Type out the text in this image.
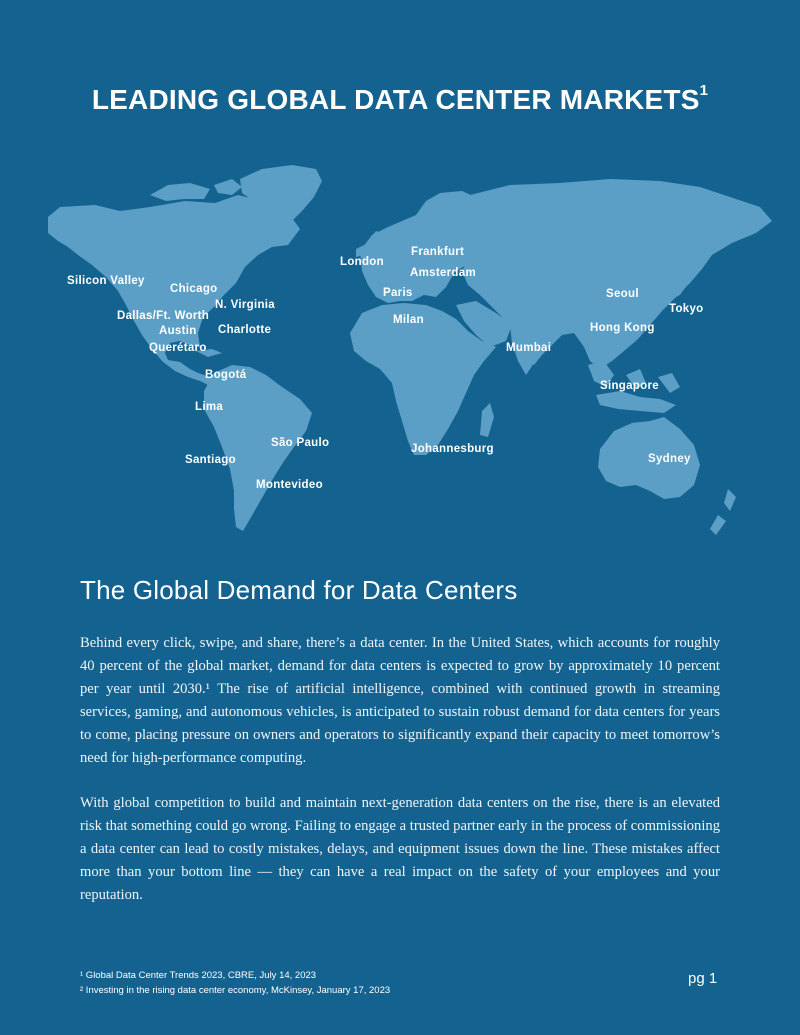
LEADING GLOBAL DATA CENTER MARKETS$^1$
Silicon Valley
Chicago
N. Virginia
Dallas/Ft. Worth
Austin Charlotte
Querétaro
Bogotá
Lima
São Paulo
Santiago
Montevideo
London
Frankfurt
Amsterdam
Paris
Milan
Mumbai
Johannesburg
Seoul
Tokyo
Hong Kong
Singapore
Sydney
The Global Demand for Data Centers

Behind every click, swipe, and share, there’s a data center. In the United States, which accounts for roughly 40 percent of the global market, demand for data centers is expected to grow by approximately 10 percent per year until 2030.¹ The rise of artificial intelligence, combined with continued growth in streaming services, gaming, and autonomous vehicles, is anticipated to sustain robust demand for data centers for years to come, placing pressure on owners and operators to significantly expand their capacity to meet tomorrow’s need for high-performance computing.

With global competition to build and maintain next-generation data centers on the rise, there is an elevated risk that something could go wrong. Failing to engage a trusted partner early in the process of commissioning a data center can lead to costly mistakes, delays, and equipment issues down the line. These mistakes affect more than your bottom line — they can have a real impact on the safety of your employees and your reputation.

¹ Global Data Center Trends 2023, CBRE, July 14, 2023
² Investing in the rising data center economy, McKinsey, January 17, 2023
pg 1
